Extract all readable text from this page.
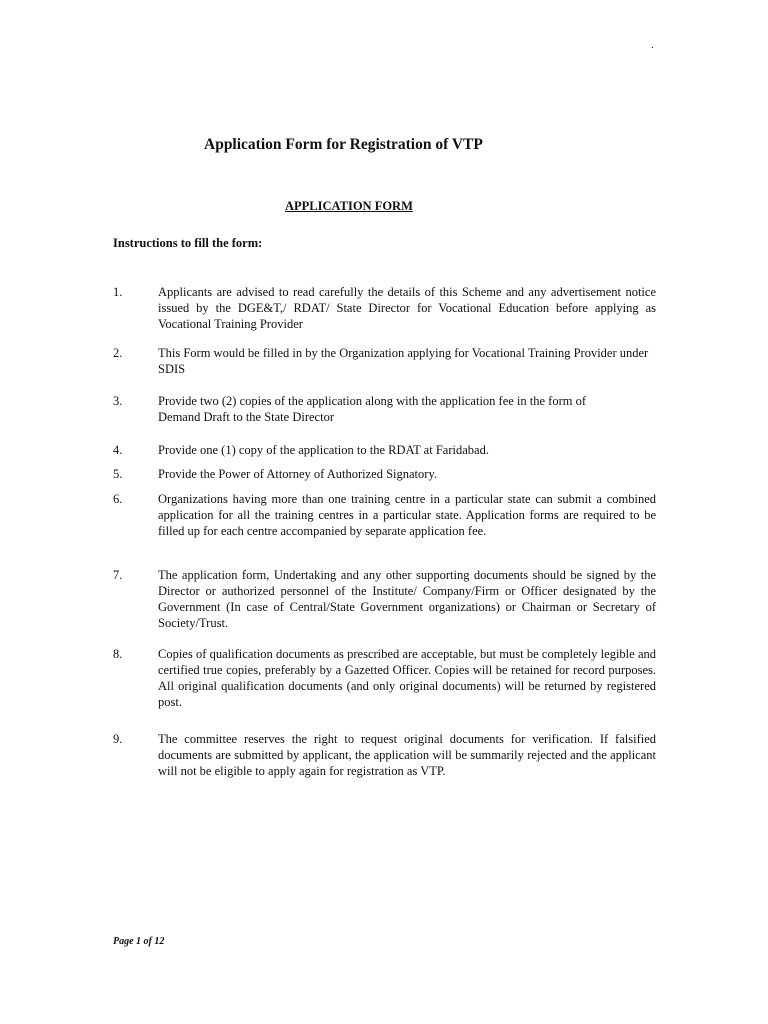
.
Application Form for Registration of VTP
APPLICATION FORM

Instructions to fill the form:

1.	Applicants are advised to read carefully the details of this Scheme and any advertisement notice issued by the DGE&T,/ RDAT/ State Director for Vocational Education before applying as Vocational Training Provider
2.	This Form would be filled in by the Organization applying for Vocational Training Provider under SDIS
3.	Provide two (2) copies of the application along with the application fee in the form of Demand Draft to the State Director
4.	Provide one (1) copy of the application to the RDAT at Faridabad.
5.	Provide the Power of Attorney of Authorized Signatory.
6.	Organizations having more than one training centre in a particular state can submit a combined application for all the training centres in a particular state. Application forms are required to be filled up for each centre accompanied by separate application fee.
7.	The application form, Undertaking and any other supporting documents should be signed by the Director or authorized personnel of the Institute/ Company/Firm or Officer designated by the Government (In case of Central/State Government organizations) or Chairman or Secretary of Society/Trust.
8.	Copies of qualification documents as prescribed are acceptable, but must be completely legible and certified true copies, preferably by a Gazetted Officer. Copies will be retained for record purposes. All original qualification documents (and only original documents) will be returned by registered post.
9.	The committee reserves the right to request original documents for verification. If falsified documents are submitted by applicant, the application will be summarily rejected and the applicant will not be eligible to apply again for registration as VTP.

Page 1 of 12
